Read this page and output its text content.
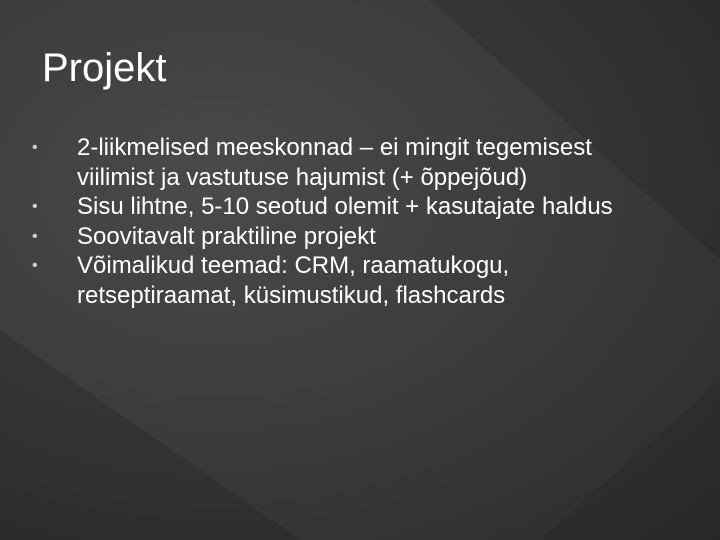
Projekt
• 2-liikmelised meeskonnad – ei mingit tegemisest viilimist ja vastutuse hajumist (+ õppejõud)
• Sisu lihtne, 5-10 seotud olemit + kasutajate haldus
• Soovitavalt praktiline projekt
• Võimalikud teemad: CRM, raamatukogu, retseptiraamat, küsimustikud, flashcards
